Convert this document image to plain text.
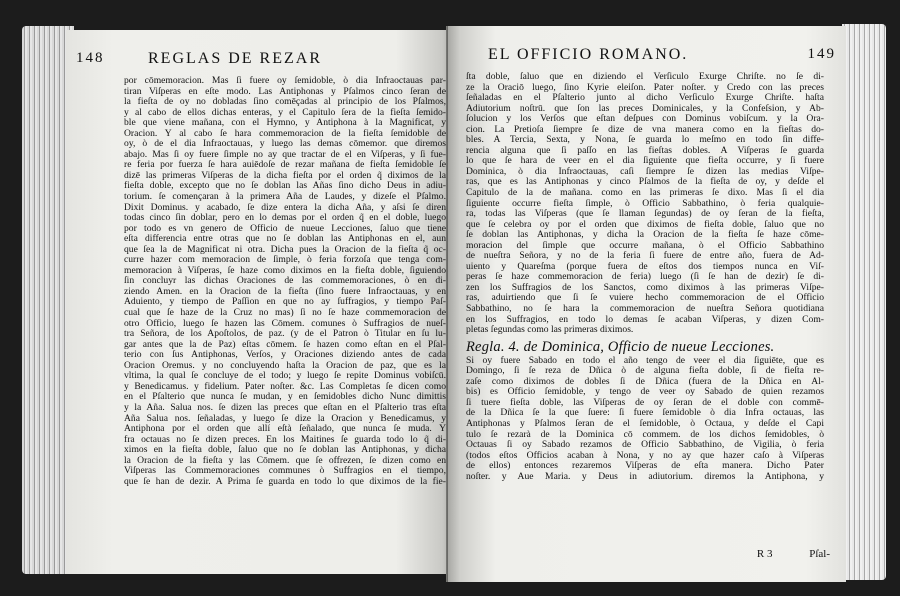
148	REGLAS DE REZAR
por cōmemoracion. Mas ſi fuere oy ſemidoble, ò dia Infraoctauas par-
tiran Viſperas en eſte modo. Las Antiphonas y Pſalmos cinco ſeran de
la fieſta de oy no dobladas ſino comēçadas al principio de los Pſalmos,
y al cabo de ellos dichas enteras, y el Capitulo ſera de la fieſta ſemido-
ble que viene mañana, con el Hymno, y Antiphona à la Magnificat, y
Oracion. Y al cabo ſe hara commemoracion de la fieſta ſemidoble de
oy, ò de el dia Infraoctauas, y luego las demas cōmemor. que diremos
abajo. Mas ſi oy fuere ſimple no ay que tractar de el en Viſperas, y ſi fue-
re feria por fuerza ſe hara auiēdoſe de rezar mañana de fieſta ſemidoble ſe
dizē las primeras Viſperas de la dicha fieſta por el orden q̃ diximos de la
fieſta doble, excepto que no ſe doblan las Añas ſino dicho Deus in adiu-
torium. ſe començaran à la primera Aña de Laudes, y dizeſe el Pſalmo.
Dixit Dominus. y acabado, ſe dize entera la dicha Aña, y aſsi ſe diren
todas cinco ſin doblar, pero en lo demas por el orden q̃ en el doble, luego
por todo es vn genero de Officio de nueue Lecciones, ſaluo que tiene
eſta differencia entre otras que no ſe doblan las Antiphonas en el, aun
que ſea la de Magnificat ni otra. Dicha pues la Oracion de la fieſta q̃ oc-
curre hazer com memoracion de ſimple, ò feria forzoſa que tenga com-
memoracion à Viſperas, ſe haze como diximos en la fieſta doble, ſiguiendo
ſin concluyr las dichas Oraciones de las commemoraciones, ò en di-
ziendo Amen. en la Oracion de la fieſta (ſino fuere Infraoctauas, y en
Aduiento, y tiempo de Paſſion en que no ay ſuffragios, y tiempo Paſ-
cual que ſe haze de la Cruz no mas) ſi no ſe haze commemoracion de
otro Officio, luego ſe hazen las Cōmem. comunes ò Suffragios de nueſ-
tra Señora, de los Apoſtolos, de paz. (y de el Patron ò Titular en ſu lu-
gar antes que la de Paz) eſtas cōmem. ſe hazen como eſtan en el Pſal-
terio con ſus Antiphonas, Verſos, y Oraciones diziendo antes de cada
Oracion Oremus. y no concluyendo haſta la Oracion de paz, que es la
vltima, la qual ſe concluye de el todo; y luego ſe repite Dominus vobiſcū.
y Benedicamus. y fidelium. Pater noſter. &c. Las Completas ſe dicen como
en el Pſalterio que nunca ſe mudan, y en ſemidobles dicho Nunc dimittis
y la Aña. Salua nos. ſe dizen las preces que eſtan en el Pſalterio tras eſta
Aña Salua nos. ſeñaladas, y luego ſe dize la Oracion y Benedicamus, y
Antiphona por el orden que allí eſtà ſeñalado, que nunca ſe muda. Y
fra octauas no ſe dizen preces. En los Maitines ſe guarda todo lo q̃ di-
ximos en la fieſta doble, ſaluo que no ſe doblan las Antiphonas, y dicha
la Oracion de la fieſta y las Cōmem. que ſe offrezen, ſe dizen como en
Viſperas las Commemoraciones communes ò Suffragios en el tiempo,
que ſe han de dezir. A Prima ſe guarda en todo lo que diximos de la fie-
EL OFFICIO ROMANO.	149
ſta doble, ſaluo que en diziendo el Verſiculo Exurge Chriſte. no ſe di-
ze la Oraciō luego, ſino Kyrie eleiſon. Pater noſter. y Credo con las preces
ſeñaladas en el Pſalterio junto al dicho Verſiculo Exurge Chriſte. haſta
Adiutorium noſtrū. que ſon las preces Dominicales, y la Confeſsion, y Ab-
ſolucion y los Verſos que eſtan deſpues con Dominus vobiſcum. y la Ora-
cion. La Pretioſa ſiempre ſe dize de vna manera como en la fieſtas do-
bles. A Tercia, Sexta, y Nona, ſe guarda lo meſmo en todo ſin diffe-
rencia alguna que ſi paſſo en las fieſtas dobles. A Viſperas ſe guarda
lo que ſe hara de veer en el dia ſiguiente que fieſta occurre, y ſi fuere
Dominica, ò dia Infraoctauas, caſi ſiempre ſe dizen las medias Viſpe-
ras, que es las Antiphonas y cinco Pſalmos de la fieſta de oy, y deſde el
Capitulo de la de mañana. como en las primeras ſe dixo. Mas ſi el dia
ſiguiente occurre fieſta ſimple, ò Officio Sabbathino, ò feria qualquie-
ra, todas las Viſperas (que ſe llaman ſegundas) de oy ſeran de la fieſta,
que ſe celebra oy por el orden que diximos de fieſta doble, ſaluo que no
ſe doblan las Antiphonas, y dicha la Oracion de la fieſta ſe haze cōme-
moracion del ſimple que occurre mañana, ò el Officio Sabbathino
de nueſtra Señora, y no de la feria ſi fuere de entre año, fuera de Ad-
uiento y Quareſma (porque fuera de eſtos dos tiempos nunca en Viſ-
peras ſe haze commemoracion de feria) luego (ſi ſe han de dezir) ſe di-
zen los Suffragios de los Sanctos, como diximos à las primeras Viſpe-
ras, aduirtiendo que ſi ſe vuiere hecho commemoracion de el Officio
Sabbathino, no ſe hara la commemoracion de nueſtra Señora quotidiana
en los Suffragios, en todo lo demas ſe acaban Viſperas, y dizen Com-
pletas ſegundas como las primeras diximos.
Regla. 4. de Dominica, Officio de nueue Lecciones.
Si oy fuere Sabado en todo el año tengo de veer el dia ſiguiēte, que es
Domingo, ſi ſe reza de Dñica ò de alguna fieſta doble, ſi de fieſta re-
zaſe como diximos de dobles ſi de Dñica (fuera de la Dñica en Al-
bis) es Officio ſemidoble, y tengo de veer oy Sabado de quien rezamos
ſi tuere fieſta doble, las Viſperas de oy ſeran de el doble con commē-
de la Dñica ſe la que ſuere: ſi fuere ſemidoble ò dia Infra octauas, las
Antiphonas y Pſalmos ſeran de el ſemidoble, ò Octaua, y deſde el Capi
tulo ſe rezarà de la Dominica cō commem. de los dichos ſemidobles, ò
Octauas ſi oy Sabado rezamos de Officio Sabbathino, de Vigilia, ò feria
(todos eſtos Officios acaban à Nona, y no ay que hazer caſo à Viſperas
de ellos) entonces rezaremos Viſperas de eſta manera. Dicho Pater
noſter. y Aue Maria. y Deus in adiutorium. diremos la Antiphona, y
R 3	Pſal-
